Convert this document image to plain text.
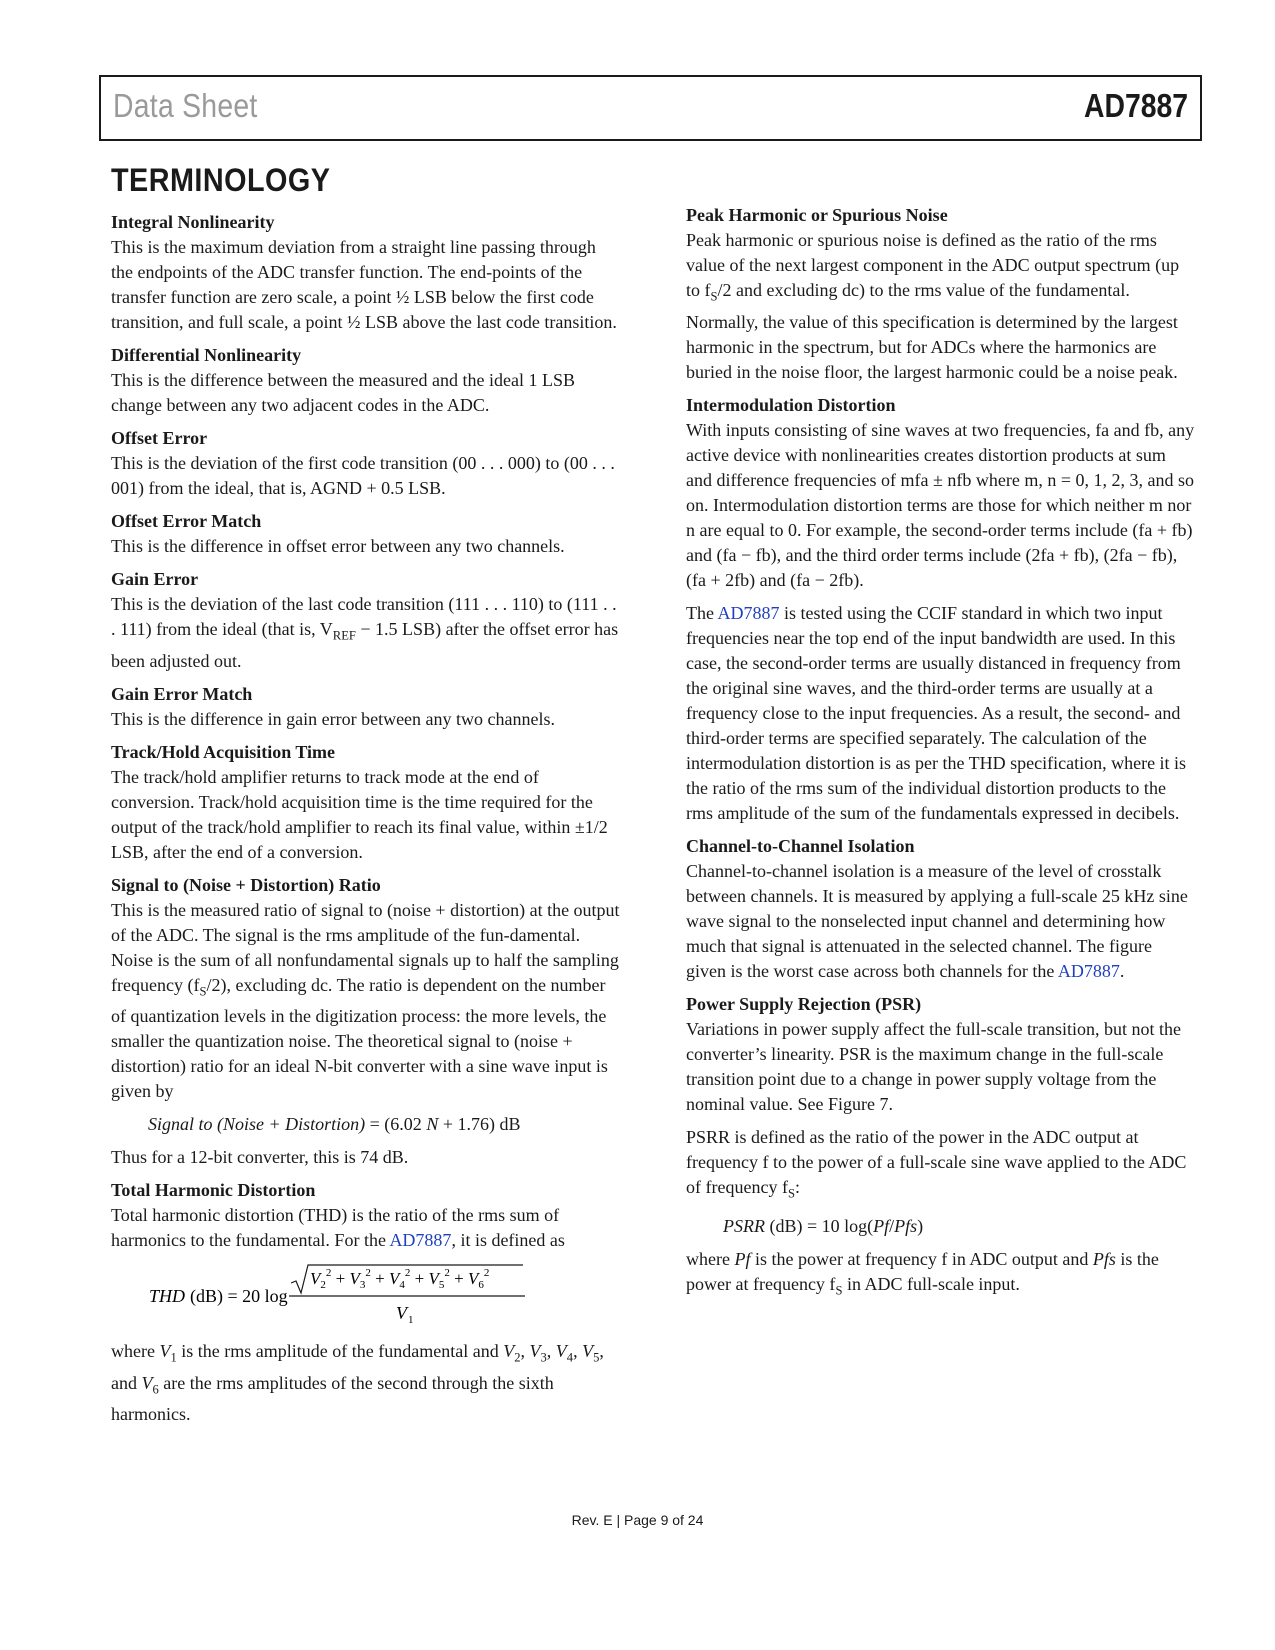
Data Sheet	AD7887
TERMINOLOGY
Integral Nonlinearity

This is the maximum deviation from a straight line passing through the endpoints of the ADC transfer function. The end-points of the transfer function are zero scale, a point ½ LSB below the first code transition, and full scale, a point ½ LSB above the last code transition.

Differential Nonlinearity

This is the difference between the measured and the ideal 1 LSB change between any two adjacent codes in the ADC.

Offset Error

This is the deviation of the first code transition (00 . . . 000) to (00 . . . 001) from the ideal, that is, AGND + 0.5 LSB.

Offset Error Match

This is the difference in offset error between any two channels.

Gain Error

This is the deviation of the last code transition (111 . . . 110) to (111 . . . 111) from the ideal (that is, $V_{REF} - 1.5$ LSB) after the offset error has been adjusted out.

Gain Error Match

This is the difference in gain error between any two channels.

Track/Hold Acquisition Time

The track/hold amplifier returns to track mode at the end of conversion. Track/hold acquisition time is the time required for the output of the track/hold amplifier to reach its final value, within ±1/2 LSB, after the end of a conversion.

Signal to (Noise + Distortion) Ratio

This is the measured ratio of signal to (noise + distortion) at the output of the ADC. The signal is the rms amplitude of the fun-damental. Noise is the sum of all nonfundamental signals up to half the sampling frequency $(f_S/2)$, excluding dc. The ratio is dependent on the number of quantization levels in the digitization process: the more levels, the smaller the quantization noise. The theoretical signal to (noise + distortion) ratio for an ideal N-bit converter with a sine wave input is given by

Signal to (Noise + Distortion) = (6.02 N + 1.76) dB

Thus for a 12-bit converter, this is 74 dB.

Total Harmonic Distortion

Total harmonic distortion (THD) is the ratio of the rms sum of harmonics to the fundamental. For the AD7887, it is defined as

THD (dB) = 20 log
$V_2^2 + V_3^2 + V_4^2 + V_5^2 + V_6^2$
V 1

where $V_1$ is the rms amplitude of the fundamental and $V_2$, $V_3$, $V_4$, $V_5$, and $V_6$ are the rms amplitudes of the second through the sixth harmonics.

Peak Harmonic or Spurious Noise

Peak harmonic or spurious noise is defined as the ratio of the rms value of the next largest component in the ADC output spectrum (up to $f_S/2$ and excluding dc) to the rms value of the fundamental. Normally, the value of this specification is determined by the largest harmonic in the spectrum, but for ADCs where the harmonics are buried in the noise floor, the largest harmonic could be a noise peak.

Intermodulation Distortion

With inputs consisting of sine waves at two frequencies, fa and fb, any active device with nonlinearities creates distortion products at sum and difference frequencies of mfa ± nfb where m, n = 0, 1, 2, 3, and so on. Intermodulation distortion terms are those for which neither m nor n are equal to 0. For example, the second-order terms include (fa + fb) and (fa − fb), and the third order terms include (2fa + fb), (2fa − fb), (fa + 2fb) and (fa − 2fb).

The AD7887 is tested using the CCIF standard in which two input frequencies near the top end of the input bandwidth are used. In this case, the second-order terms are usually distanced in frequency from the original sine waves, and the third-order terms are usually at a frequency close to the input frequencies. As a result, the second- and third-order terms are specified separately. The calculation of the intermodulation distortion is as per the THD specification, where it is the ratio of the rms sum of the individual distortion products to the rms amplitude of the sum of the fundamentals expressed in decibels.

Channel-to-Channel Isolation

Channel-to-channel isolation is a measure of the level of crosstalk between channels. It is measured by applying a full-scale 25 kHz sine wave signal to the nonselected input channel and determining how much that signal is attenuated in the selected channel. The figure given is the worst case across both channels for the AD7887.

Power Supply Rejection (PSR)

Variations in power supply affect the full-scale transition, but not the converter’s linearity. PSR is the maximum change in the full-scale transition point due to a change in power supply voltage from the nominal value. See Figure 7.

PSRR is defined as the ratio of the power in the ADC output at frequency f to the power of a full-scale sine wave applied to the ADC of frequency $f_S$:

PSRR (dB) = 10 log(Pf/Pfs)

where Pf is the power at frequency f in ADC output and Pfs is the power at frequency $f_S$ in ADC full-scale input.

Rev. E | Page 9 of 24
